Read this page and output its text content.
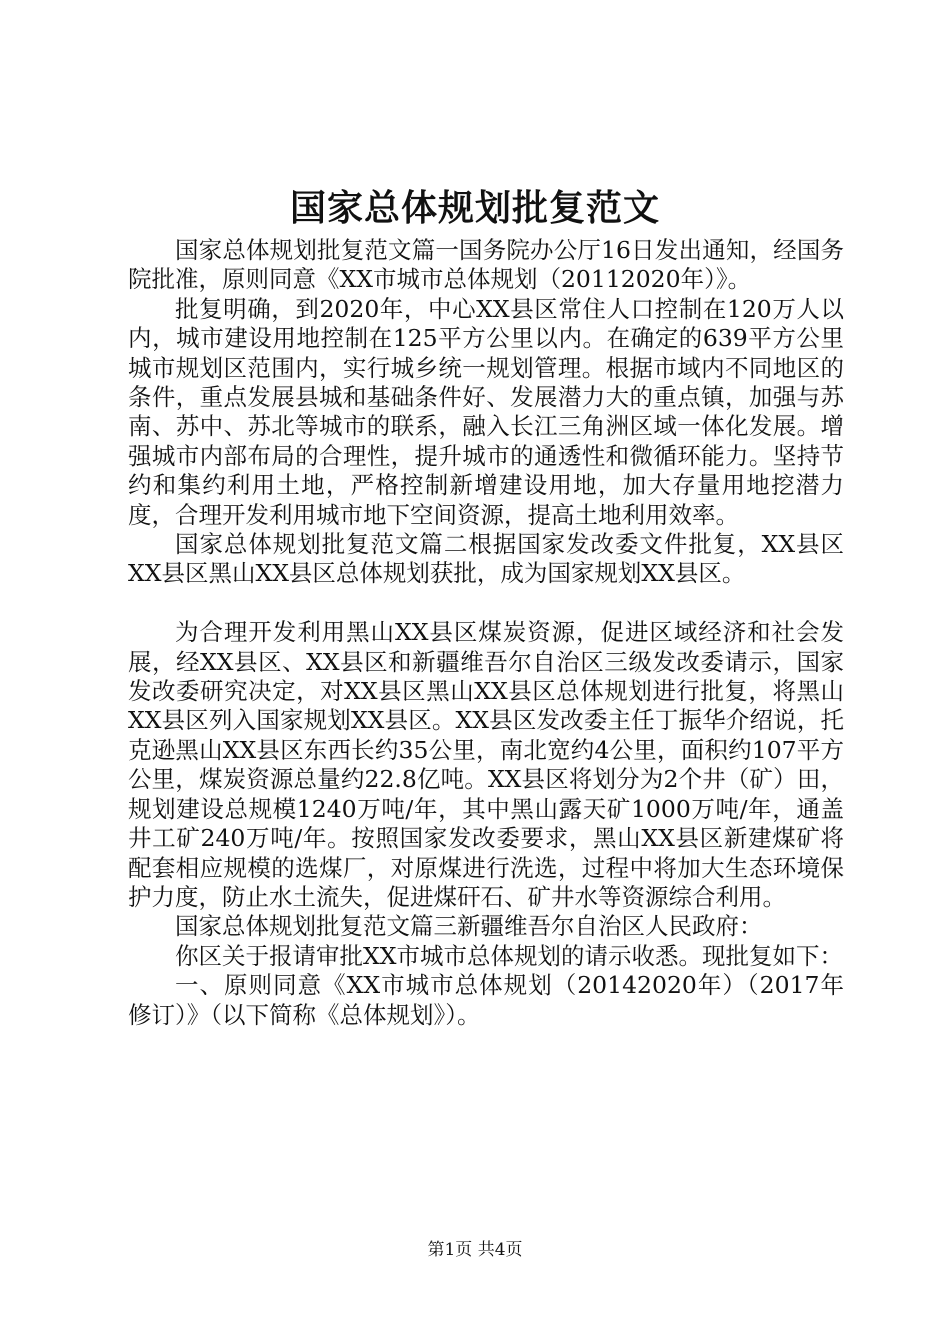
国家总体规划批复范文

国家总体规划批复范文篇一国务院办公厅16日发出通知，经国务院批准，原则同意《XX市城市总体规划（20112020年）》。

批复明确，到2020年，中心XX县区常住人口控制在120万人以内，城市建设用地控制在125平方公里以内。在确定的639平方公里城市规划区范围内，实行城乡统一规划管理。根据市域内不同地区的条件，重点发展县城和基础条件好、发展潜力大的重点镇，加强与苏南、苏中、苏北等城市的联系，融入长江三角洲区域一体化发展。增强城市内部布局的合理性，提升城市的通透性和微循环能力。坚持节约和集约利用土地，严格控制新增建设用地，加大存量用地挖潜力度，合理开发利用城市地下空间资源，提高土地利用效率。

国家总体规划批复范文篇二根据国家发改委文件批复，XX县区XX县区黑山XX县区总体规划获批，成为国家规划XX县区。

为合理开发利用黑山XX县区煤炭资源，促进区域经济和社会发展，经XX县区、XX县区和新疆维吾尔自治区三级发改委请示，国家发改委研究决定，对XX县区黑山XX县区总体规划进行批复，将黑山XX县区列入国家规划XX县区。XX县区发改委主任丁振华介绍说，托克逊黑山XX县区东西长约35公里，南北宽约4公里，面积约107平方公里，煤炭资源总量约22.8亿吨。XX县区将划分为2个井（矿）田，规划建设总规模1240万吨/年，其中黑山露天矿1000万吨/年，通盖井工矿240万吨/年。按照国家发改委要求，黑山XX县区新建煤矿将配套相应规模的选煤厂，对原煤进行洗选，过程中将加大生态环境保护力度，防止水土流失，促进煤矸石、矿井水等资源综合利用。

国家总体规划批复范文篇三新疆维吾尔自治区人民政府：

你区关于报请审批XX市城市总体规划的请示收悉。现批复如下：

一、原则同意《XX市城市总体规划（20142020年）（2017年修订）》（以下简称《总体规划》）。

第1页 共4页
